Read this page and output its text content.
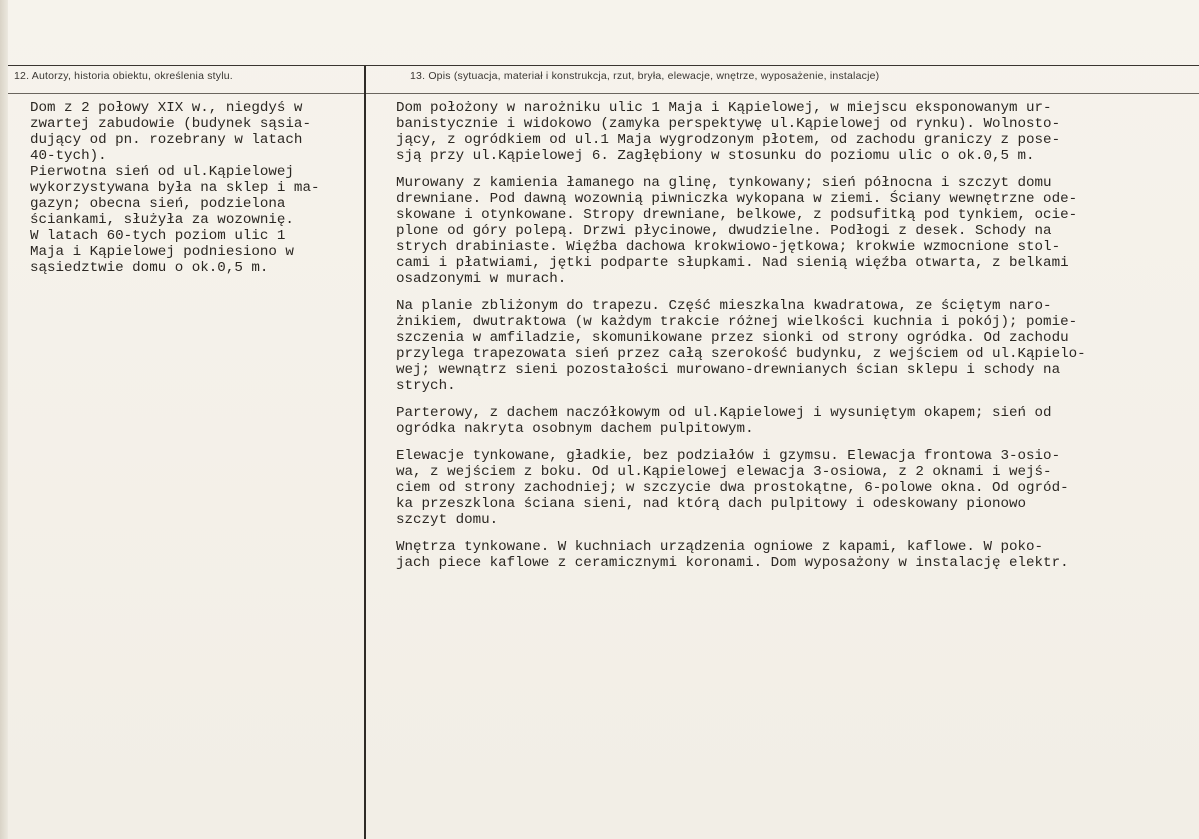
12. Autorzy, historia obiektu, określenia stylu.	13. Opis (sytuacja, materiał i konstrukcja, rzut, bryła, elewacje, wnętrze, wyposażenie, instalacje)
Dom z 2 połowy XIX w., niegdyś w
zwartej zabudowie (budynek sąsia-
dujący od pn. rozebrany w latach
40-tych).
Pierwotna sień od ul.Kąpielowej
wykorzystywana była na sklep i ma-
gazyn; obecna sień, podzielona
ściankami, służyła za wozownię.
W latach 60-tych poziom ulic 1
Maja i Kąpielowej podniesiono w
sąsiedztwie domu o ok.0,5 m.
Dom położony w narożniku ulic 1 Maja i Kąpielowej, w miejscu eksponowanym ur-
banistycznie i widokowo (zamyka perspektywę ul.Kąpielowej od rynku). Wolnosto-
jący, z ogródkiem od ul.1 Maja wygrodzonym płotem, od zachodu graniczy z pose-
sją przy ul.Kąpielowej 6. Zagłębiony w stosunku do poziomu ulic o ok.0,5 m.
Murowany z kamienia łamanego na glinę, tynkowany; sień północna i szczyt domu
drewniane. Pod dawną wozownią piwniczka wykopana w ziemi. Ściany wewnętrzne ode-
skowane i otynkowane. Stropy drewniane, belkowe, z podsufitką pod tynkiem, ocie-
plone od góry polepą. Drzwi płycinowe, dwudzielne. Podłogi z desek. Schody na
strych drabiniaste. Więźba dachowa krokwiowo-jętkowa; krokwie wzmocnione stol-
cami i płatwiami, jętki podparte słupkami. Nad sienią więźba otwarta, z belkami
osadzonymi w murach.
Na planie zbliżonym do trapezu. Część mieszkalna kwadratowa, ze ściętym naro-
żnikiem, dwutraktowa (w każdym trakcie różnej wielkości kuchnia i pokój); pomie-
szczenia w amfiladzie, skomunikowane przez sionki od strony ogródka. Od zachodu
przylega trapezowata sień przez całą szerokość budynku, z wejściem od ul.Kąpielo-
wej; wewnątrz sieni pozostałości murowano-drewnianych ścian sklepu i schody na
strych.
Parterowy, z dachem naczółkowym od ul.Kąpielowej i wysuniętym okapem; sień od
ogródka nakryta osobnym dachem pulpitowym.
Elewacje tynkowane, gładkie, bez podziałów i gzymsu. Elewacja frontowa 3-osio-
wa, z wejściem z boku. Od ul.Kąpielowej elewacja 3-osiowa, z 2 oknami i wejś-
ciem od strony zachodniej; w szczycie dwa prostokątne, 6-polowe okna. Od ogród-
ka przeszklona ściana sieni, nad którą dach pulpitowy i odeskowany pionowo
szczyt domu.
Wnętrza tynkowane. W kuchniach urządzenia ogniowe z kapami, kaflowe. W poko-
jach piece kaflowe z ceramicznymi koronami. Dom wyposażony w instalację elektr.
